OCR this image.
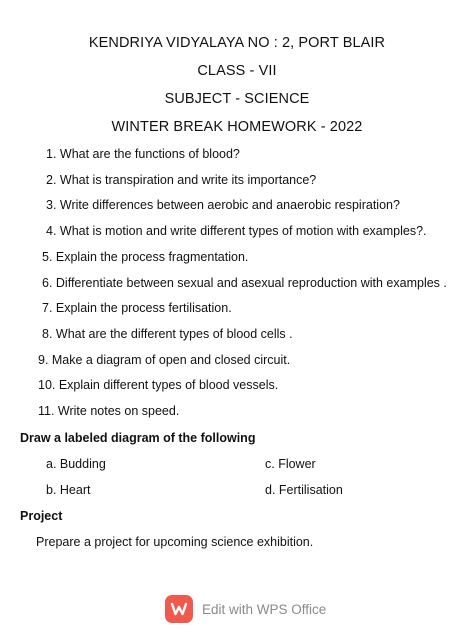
KENDRIYA VIDYALAYA NO : 2, PORT BLAIR
CLASS - VII
SUBJECT - SCIENCE
WINTER BREAK HOMEWORK - 2022
1. What are the functions of blood?
2. What is transpiration and write its importance?
3. Write differences between aerobic and anaerobic respiration?
4. What is motion and write different types of motion with examples?.
5. Explain the process fragmentation.
6. Differentiate between sexual and asexual reproduction with examples .
7. Explain the process fertilisation.
8. What are the different types of blood cells .
9. Make a diagram of open and closed circuit.
10. Explain different types of blood vessels.
11. Write notes on speed.
Draw a labeled diagram of the following
a. Budding	c. Flower
b. Heart	d. Fertilisation
Project
Prepare a project for upcoming science exhibition.
Edit with WPS Office
